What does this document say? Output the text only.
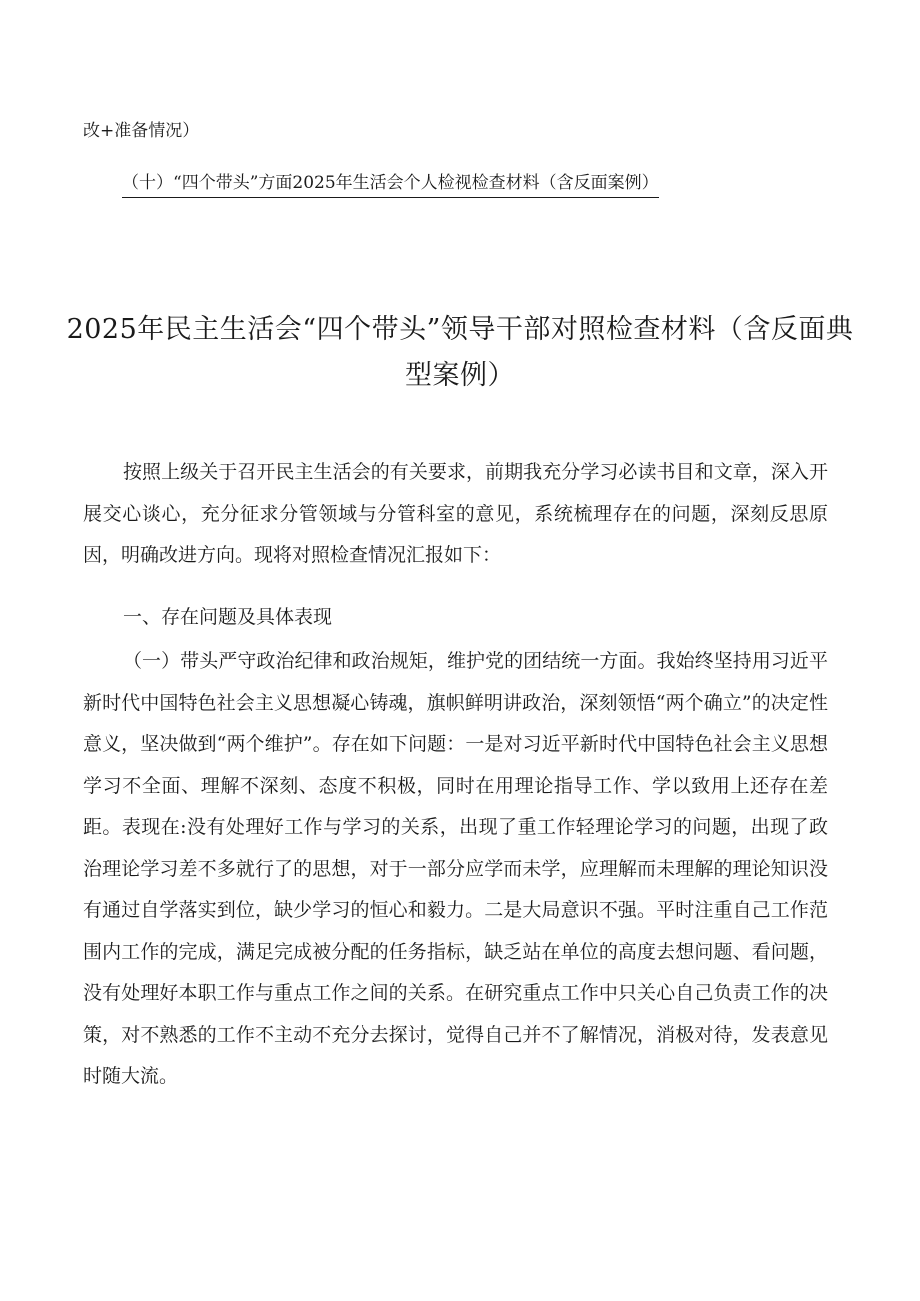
改+准备情况）
（十）“四个带头”方面2025年生活会个人检视检查材料（含反面案例）
2025年民主生活会“四个带头”领导干部对照检查材料（含反面典型案例）

按照上级关于召开民主生活会的有关要求，前期我充分学习必读书目和文章，深入开展交心谈心，充分征求分管领域与分管科室的意见，系统梳理存在的问题，深刻反思原因，明确改进方向。现将对照检查情况汇报如下：

一、存在问题及具体表现

（一）带头严守政治纪律和政治规矩，维护党的团结统一方面。我始终坚持用习近平新时代中国特色社会主义思想凝心铸魂，旗帜鲜明讲政治，深刻领悟“两个确立”的决定性意义，坚决做到“两个维护”。存在如下问题：一是对习近平新时代中国特色社会主义思想学习不全面、理解不深刻、态度不积极，同时在用理论指导工作、学以致用上还存在差距。表现在:没有处理好工作与学习的关系，出现了重工作轻理论学习的问题，出现了政治理论学习差不多就行了的思想，对于一部分应学而未学，应理解而未理解的理论知识没有通过自学落实到位，缺少学习的恒心和毅力。二是大局意识不强。平时注重自己工作范围内工作的完成，满足完成被分配的任务指标，缺乏站在单位的高度去想问题、看问题，没有处理好本职工作与重点工作之间的关系。在研究重点工作中只关心自己负责工作的决策，对不熟悉的工作不主动不充分去探讨，觉得自己并不了解情况，消极对待，发表意见时随大流。
